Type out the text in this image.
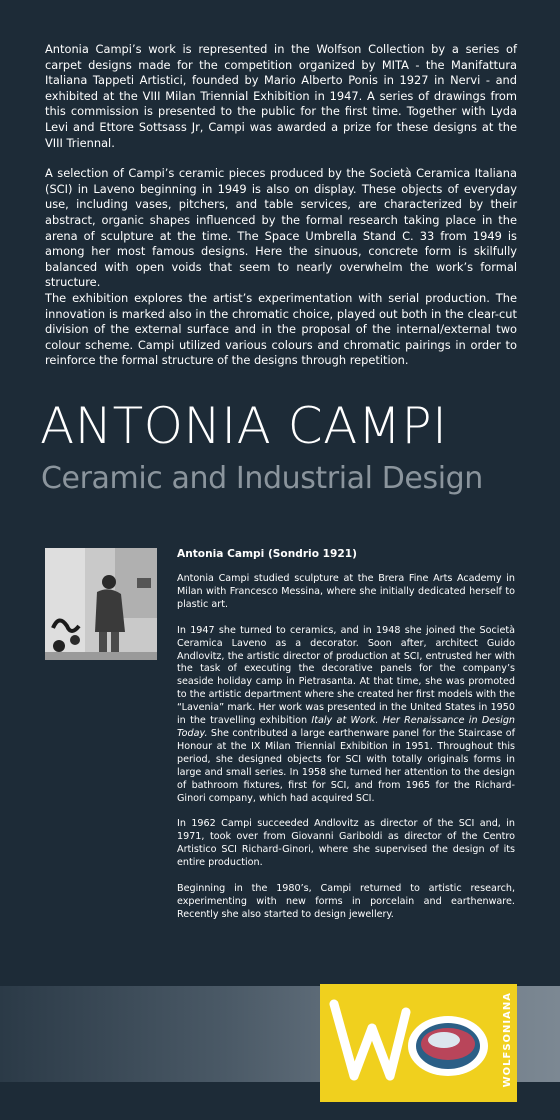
Antonia Campi’s work is represented in the Wolfson Collection by a series of carpet designs made for the competition organized by MITA - the Manifattura Italiana Tappeti Artistici, founded by Mario Alberto Ponis in 1927 in Nervi - and exhibited at the VIII Milan Triennial Exhibition in 1947. A series of drawings from this commission is presented to the public for the first time. Together with Lyda Levi and Ettore Sottsass Jr, Campi was awarded a prize for these designs at the VIII Triennal.

A selection of Campi’s ceramic pieces produced by the Società Ceramica Italiana (SCI) in Laveno beginning in 1949 is also on display. These objects of everyday use, including vases, pitchers, and table services, are characterized by their abstract, organic shapes influenced by the formal research taking place in the arena of sculpture at the time. The Space Umbrella Stand C. 33 from 1949 is among her most famous designs. Here the sinuous, concrete form is skilfully balanced with open voids that seem to nearly overwhelm the work’s formal structure.

The exhibition explores the artist’s experimentation with serial production. The innovation is marked also in the chromatic choice, played out both in the clear-cut division of the external surface and in the proposal of the internal/external two colour scheme. Campi utilized various colours and chromatic pairings in order to reinforce the formal structure of the designs through repetition.

ANTONIA CAMPI
Ceramic and Industrial Design
Antonia Campi (Sondrio 1921)

Antonia Campi studied sculpture at the Brera Fine Arts Academy in Milan with Francesco Messina, where she initially dedicated herself to plastic art.

In 1947 she turned to ceramics, and in 1948 she joined the Società Ceramica Laveno as a decorator. Soon after, architect Guido Andlovitz, the artistic director of production at SCI, entrusted her with the task of executing the decorative panels for the company’s seaside holiday camp in Pietrasanta. At that time, she was promoted to the artistic department where she created her first models with the “Lavenia” mark. Her work was presented in the United States in 1950 in the travelling exhibition Italy at Work. Her Renaissance in Design Today. She contributed a large earthenware panel for the Staircase of Honour at the IX Milan Triennial Exhibition in 1951. Throughout this period, she designed objects for SCI with totally originals forms in large and small series. In 1958 she turned her attention to the design of bathroom fixtures, first for SCI, and from 1965 for the Richard-Ginori company, which had acquired SCI.

In 1962 Campi succeeded Andlovitz as director of the SCI and, in 1971, took over from Giovanni Gariboldi as director of the Centro Artistico SCI Richard-Ginori, where she supervised the design of its entire production.

Beginning in the 1980’s, Campi returned to artistic research, experimenting with new forms in porcelain and earthenware. Recently she also started to design jewellery.

WOLFSONIANA
